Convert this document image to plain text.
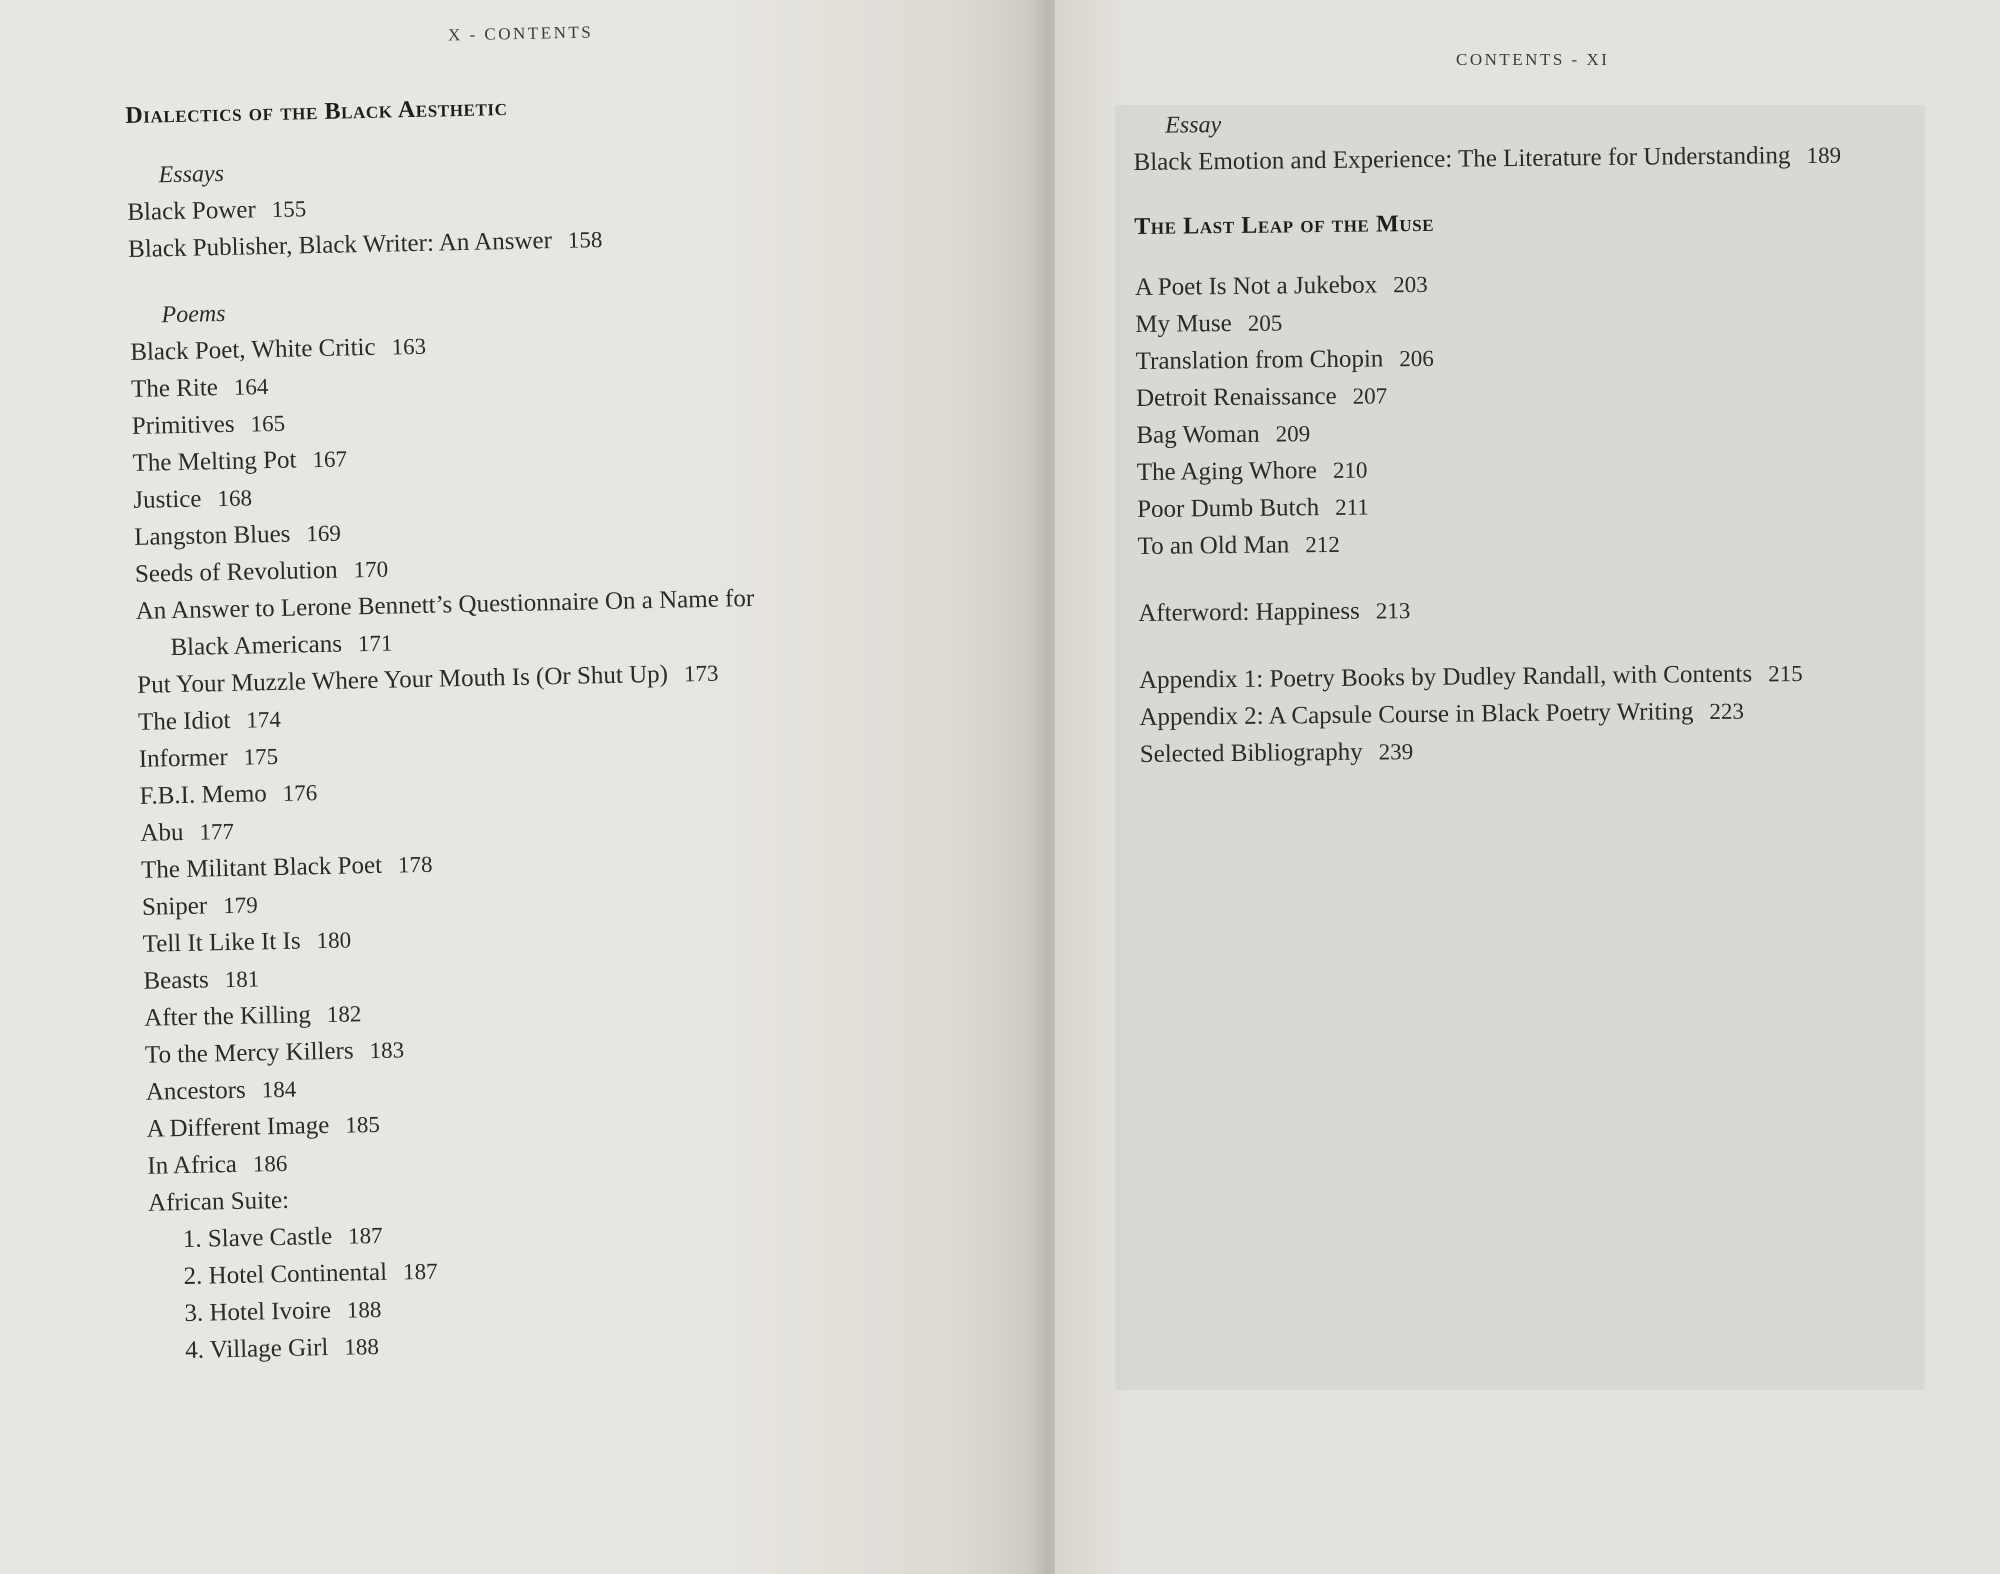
X - CONTENTS
Dialectics of the Black Aesthetic
Essays
Black Power 155
Black Publisher, Black Writer: An Answer 158
Poems
Black Poet, White Critic 163
The Rite 164
Primitives 165
The Melting Pot 167
Justice 168
Langston Blues 169
Seeds of Revolution 170
An Answer to Lerone Bennett’s Questionnaire On a Name for
Black Americans 171
Put Your Muzzle Where Your Mouth Is (Or Shut Up) 173
The Idiot 174
Informer 175
F.B.I. Memo 176
Abu 177
The Militant Black Poet 178
Sniper 179
Tell It Like It Is 180
Beasts 181
After the Killing 182
To the Mercy Killers 183
Ancestors 184
A Different Image 185
In Africa 186
African Suite:
1. Slave Castle 187
2. Hotel Continental 187
3. Hotel Ivoire 188
4. Village Girl 188
CONTENTS - XI
Essay
Black Emotion and Experience: The Literature for Understanding 189
The Last Leap of the Muse
A Poet Is Not a Jukebox 203
My Muse 205
Translation from Chopin 206
Detroit Renaissance 207
Bag Woman 209
The Aging Whore 210
Poor Dumb Butch 211
To an Old Man 212
Afterword: Happiness 213
Appendix 1: Poetry Books by Dudley Randall, with Contents 215
Appendix 2: A Capsule Course in Black Poetry Writing 223
Selected Bibliography 239
